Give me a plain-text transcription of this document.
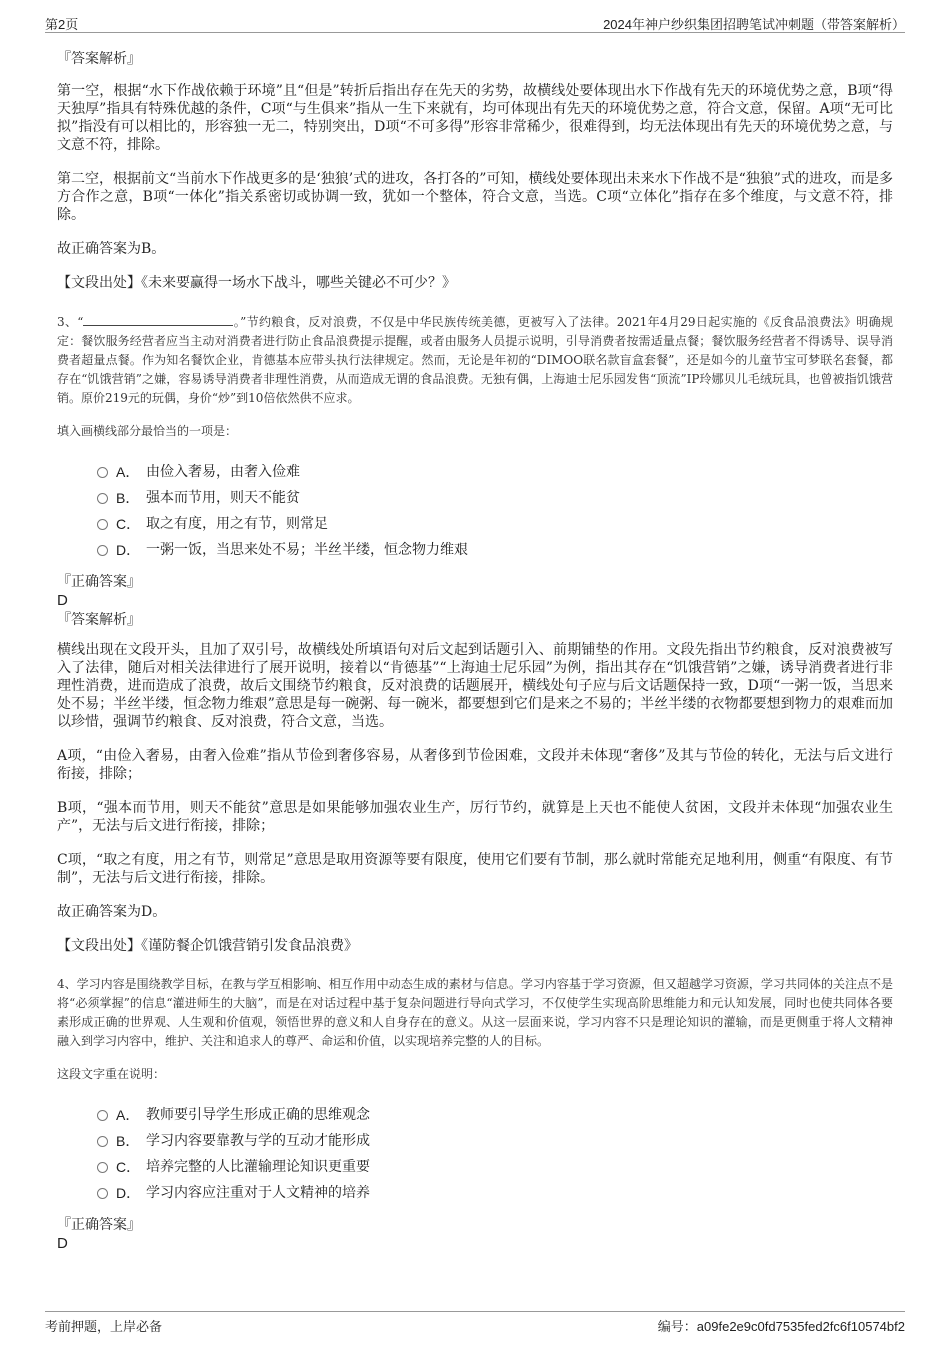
第2页	2024年神户纱织集团招聘笔试冲刺题（带答案解析）
『答案解析』

第一空，根据“水下作战依赖于环境”且“但是”转折后指出存在先天的劣势，故横线处要体现出水下作战有先天的环境优势之意，B项“得天独厚”指具有特殊优越的条件，C项“与生俱来”指从一生下来就有，均可体现出有先天的环境优势之意，符合文意，保留。A项“无可比拟”指没有可以相比的，形容独一无二，特别突出，D项“不可多得”形容非常稀少，很难得到，均无法体现出有先天的环境优势之意，与文意不符，排除。

第二空，根据前文“当前水下作战更多的是‘独狼’式的进攻，各打各的”可知，横线处要体现出未来水下作战不是“独狼”式的进攻，而是多方合作之意，B项“一体化”指关系密切或协调一致，犹如一个整体，符合文意，当选。C项“立体化”指存在多个维度，与文意不符，排除。

故正确答案为B。

【文段出处】《未来要赢得一场水下战斗，哪些关键必不可少？》

3、“	。”节约粮食，反对浪费，不仅是中华民族传统美德，更被写入了法律。2021年4月29日起实施的《反食品浪费法》明确规定：餐饮服务经营者应当主动对消费者进行防止食品浪费提示提醒，或者由服务人员提示说明，引导消费者按需适量点餐；餐饮服务经营者不得诱导、误导消费者超量点餐。作为知名餐饮企业，肯德基本应带头执行法律规定。然而，无论是年初的“DIMOO联名款盲盒套餐”，还是如今的儿童节宝可梦联名套餐，都存在“饥饿营销”之嫌，容易诱导消费者非理性消费，从而造成无谓的食品浪费。无独有偶，上海迪士尼乐园发售“顶流”IP玲娜贝儿毛绒玩具，也曾被指饥饿营销。原价219元的玩偶，身价“炒”到10倍依然供不应求。

填入画横线部分最恰当的一项是：

A． 由俭入奢易，由奢入俭难
B． 强本而节用，则天不能贫
C． 取之有度，用之有节，则常足
D． 一粥一饭，当思来处不易；半丝半缕，恒念物力维艰
『正确答案』
D
『答案解析』

横线出现在文段开头，且加了双引号，故横线处所填语句对后文起到话题引入、前期铺垫的作用。文段先指出节约粮食，反对浪费被写入了法律，随后对相关法律进行了展开说明，接着以“肯德基”“上海迪士尼乐园”为例，指出其存在“饥饿营销”之嫌，诱导消费者进行非理性消费，进而造成了浪费，故后文围绕节约粮食，反对浪费的话题展开，横线处句子应与后文话题保持一致，D项“一粥一饭，当思来处不易；半丝半缕，恒念物力维艰”意思是每一碗粥、每一碗米，都要想到它们是来之不易的；半丝半缕的衣物都要想到物力的艰难而加以珍惜，强调节约粮食、反对浪费，符合文意，当选。

A项，“由俭入奢易，由奢入俭难”指从节俭到奢侈容易，从奢侈到节俭困难，文段并未体现“奢侈”及其与节俭的转化，无法与后文进行衔接，排除；

B项，“强本而节用，则天不能贫”意思是如果能够加强农业生产，厉行节约，就算是上天也不能使人贫困，文段并未体现“加强农业生产”，无法与后文进行衔接，排除；

C项，“取之有度，用之有节，则常足”意思是取用资源等要有限度，使用它们要有节制，那么就时常能充足地利用，侧重“有限度、有节制”，无法与后文进行衔接，排除。

故正确答案为D。

【文段出处】《谨防餐企饥饿营销引发食品浪费》

4、学习内容是围绕教学目标，在教与学互相影响、相互作用中动态生成的素材与信息。学习内容基于学习资源，但又超越学习资源，学习共同体的关注点不是将“必须掌握”的信息“灌进师生的大脑”，而是在对话过程中基于复杂问题进行导向式学习，不仅使学生实现高阶思维能力和元认知发展，同时也使共同体各要素形成正确的世界观、人生观和价值观，领悟世界的意义和人自身存在的意义。从这一层面来说，学习内容不只是理论知识的灌输，而是更侧重于将人文精神融入到学习内容中，维护、关注和追求人的尊严、命运和价值，以实现培养完整的人的目标。

这段文字重在说明：

A． 教师要引导学生形成正确的思维观念
B． 学习内容要靠教与学的互动才能形成
C． 培养完整的人比灌输理论知识更重要
D． 学习内容应注重对于人文精神的培养
『正确答案』
D
考前押题，上岸必备	编号：a09fe2e9c0fd7535fed2fc6f10574bf2
